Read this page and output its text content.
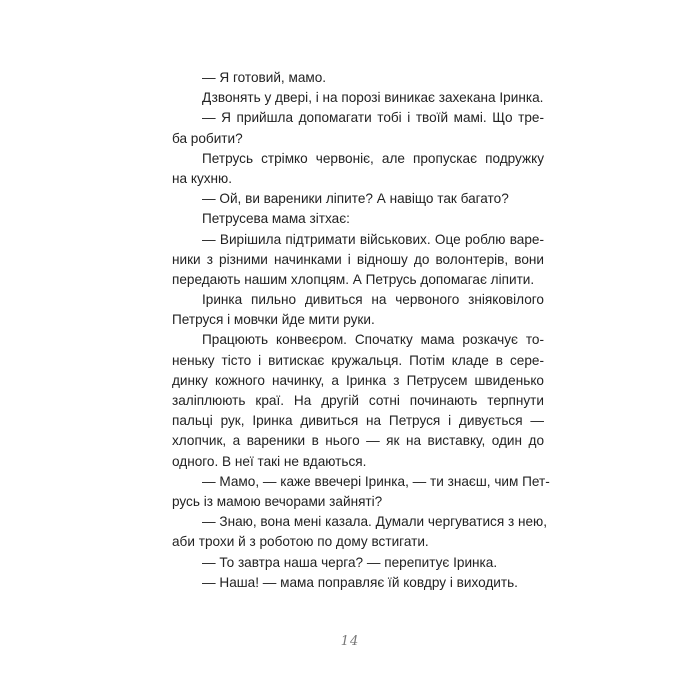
— Я готовий, мамо.
Дзвонять у двері, і на порозі виникає захекана Іринка.
— Я прийшла допомагати тобі і твоїй мамі. Що тре-
ба робити?
Петрусь стрімко червоніє, але пропускає подружку
на кухню.
— Ой, ви вареники ліпите? А навіщо так багато?
Петрусева мама зітхає:
— Вирішила підтримати військових. Оце роблю варе-
ники з різними начинками і відношу до волонтерів, вони
передають нашим хлопцям. А Петрусь допомагає ліпити.
Іринка пильно дивиться на червоного зніяковілого
Петруся і мовчки йде мити руки.
Працюють конвеєром. Спочатку мама розкачує то-
неньку тісто і витискає кружальця. Потім кладе в сере-
динку кожного начинку, а Іринка з Петрусем швиденько
заліплюють краї. На другій сотні починають терпнути
пальці рук, Іринка дивиться на Петруся і дивується —
хлопчик, а вареники в нього — як на виставку, один до
одного. В неї такі не вдаються.
— Мамо, — каже ввечері Іринка, — ти знаєш, чим Пет-
русь із мамою вечорами зайняті?
— Знаю, вона мені казала. Думали чергуватися з нею,
аби трохи й з роботою по дому встигати.
— То завтра наша черга? — перепитує Іринка.
— Наша! — мама поправляє їй ковдру і виходить.
14
